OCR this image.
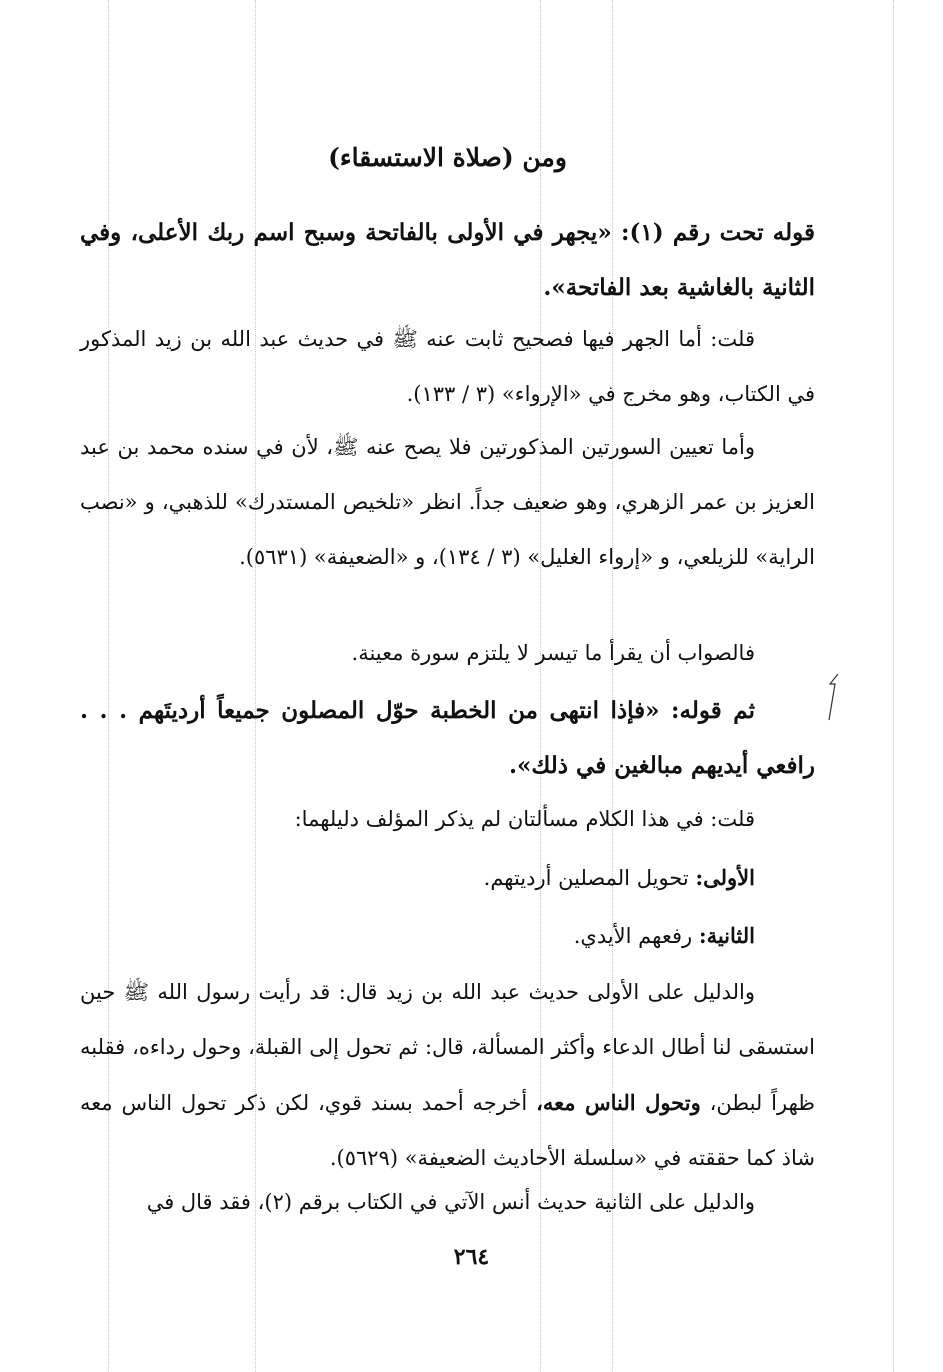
ومن (صلاة الاستسقاء)
قوله تحت رقم (١): «يجهر في الأولى بالفاتحة وسبح اسم ربك الأعلى، وفي الثانية بالغاشية بعد الفاتحة».
قلت: أما الجهر فيها فصحيح ثابت عنه ﷺ في حديث عبد الله بن زيد المذكور في الكتاب، وهو مخرج في «الإرواء» (٣ / ١٣٣).
وأما تعيين السورتين المذكورتين فلا يصح عنه ﷺ، لأن في سنده محمد بن عبد العزيز بن عمر الزهري، وهو ضعيف جداً. انظر «تلخيص المستدرك» للذهبي، و «نصب الراية» للزيلعي، و «إرواء الغليل» (٣ / ١٣٤)، و «الضعيفة» (٥٦٣١).
فالصواب أن يقرأ ما تيسر لا يلتزم سورة معينة.
ثم قوله: «فإذا انتهى من الخطبة حوّل المصلون جميعاً أرديتَهم . . . رافعي أيديهم مبالغين في ذلك».
قلت: في هذا الكلام مسألتان لم يذكر المؤلف دليلهما:
الأولى: تحويل المصلين أرديتهم.
الثانية: رفعهم الأيدي.
والدليل على الأولى حديث عبد الله بن زيد قال: قد رأيت رسول الله ﷺ حين استسقى لنا أطال الدعاء وأكثر المسألة، قال: ثم تحول إلى القبلة، وحول رداءه، فقلبه ظهراً لبطن، وتحول الناس معه، أخرجه أحمد بسند قوي، لكن ذكر تحول الناس معه شاذ كما حققته في «سلسلة الأحاديث الضعيفة» (٥٦٢٩).
والدليل على الثانية حديث أنس الآتي في الكتاب برقم (٢)، فقد قال في
٢٦٤
